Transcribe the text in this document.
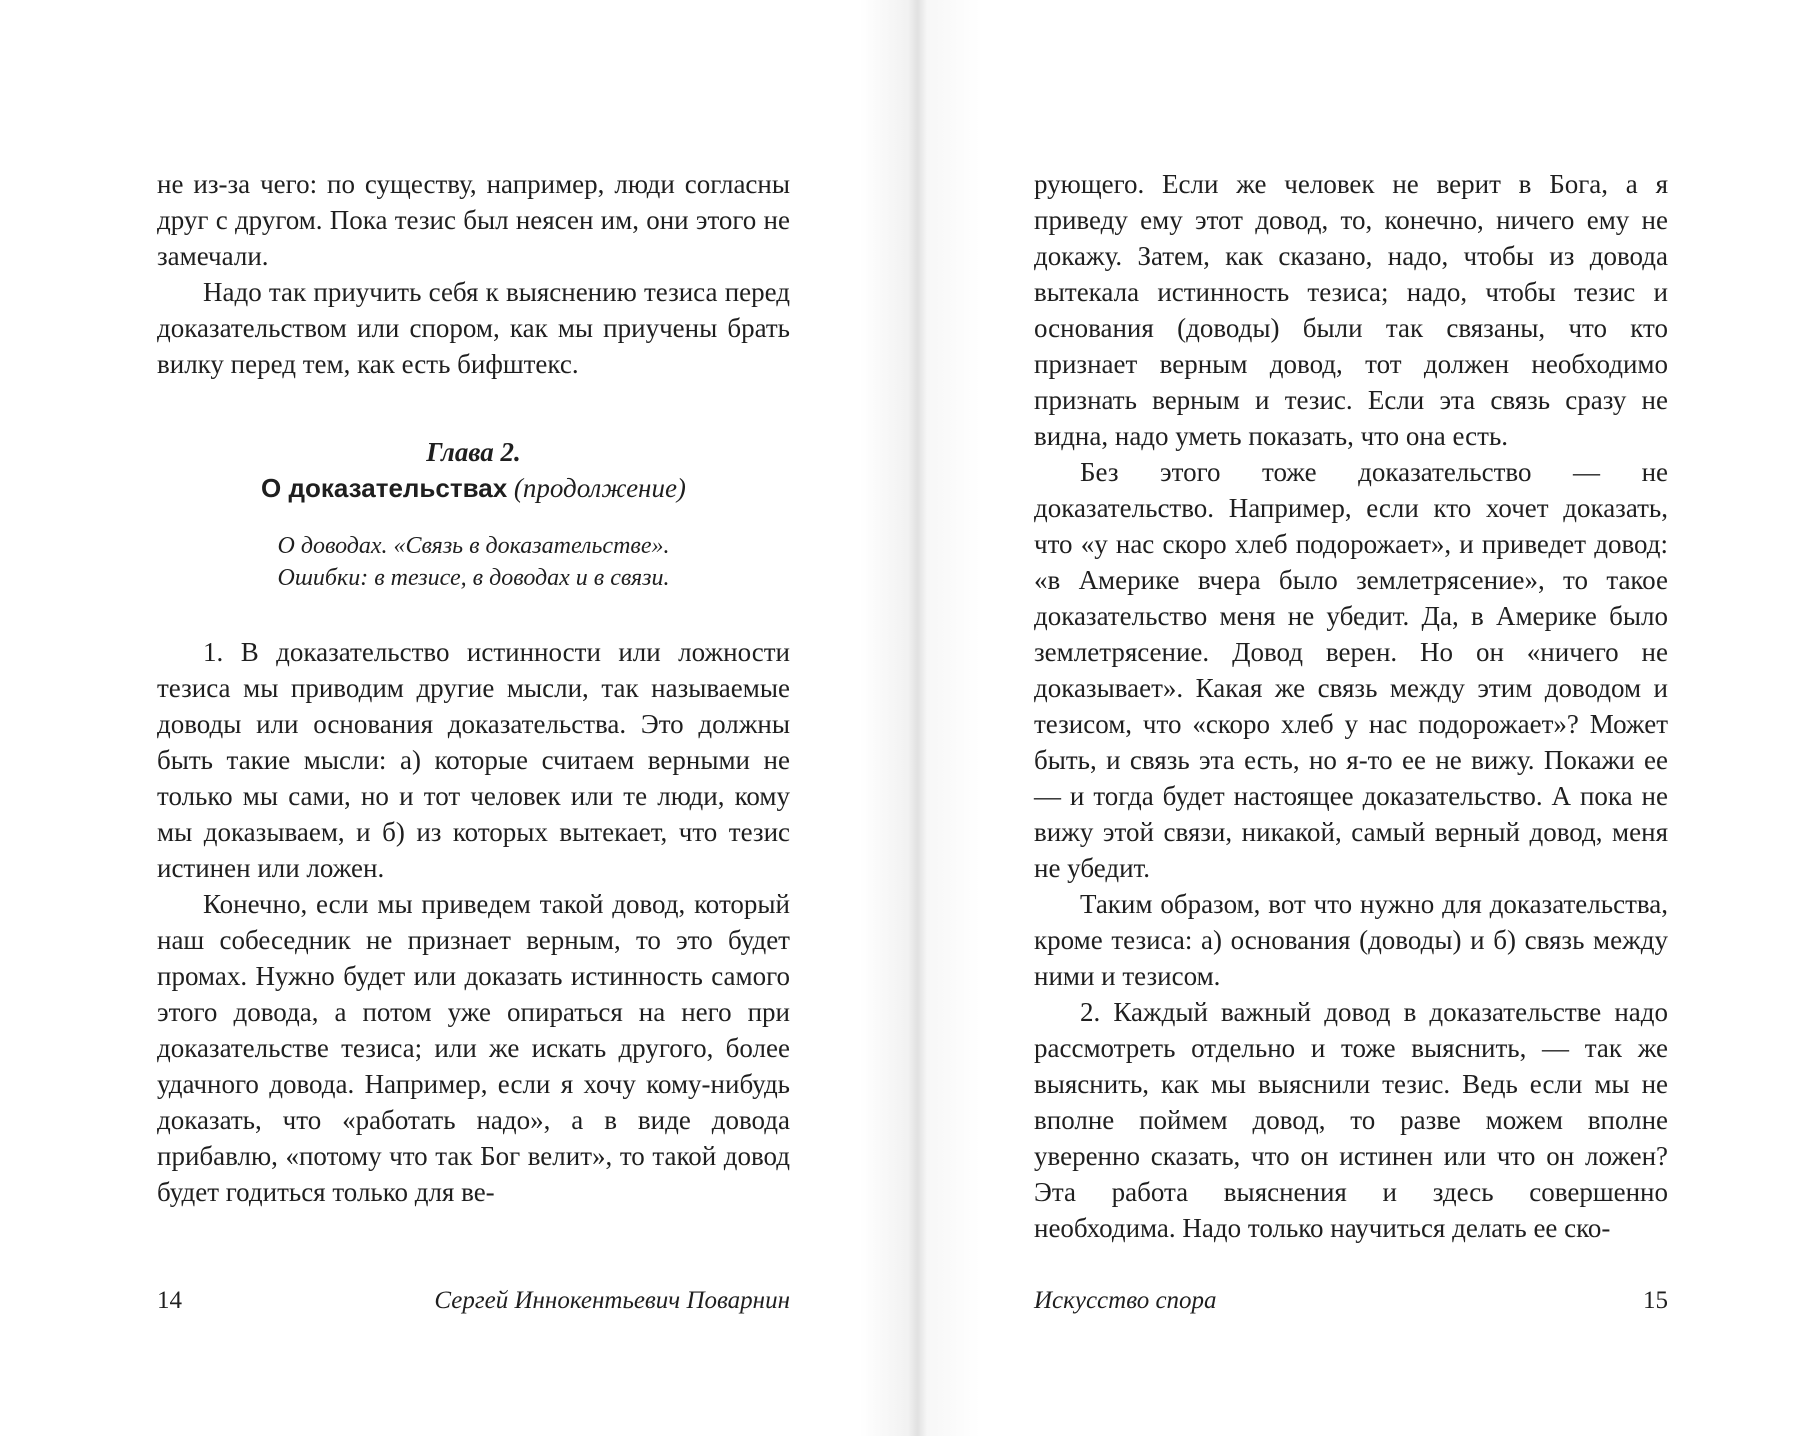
не из-за чего: по существу, например, люди согласны друг с другом. Пока тезис был неясен им, они этого не замечали.

Надо так приучить себя к выяснению тезиса перед доказательством или спором, как мы приучены брать вилку перед тем, как есть бифштекс.

Глава 2.
О доказательствах (продолжение)
О доводах. «Связь в доказательстве».
Ошибки: в тезисе, в доводах и в связи.

1. В доказательство истинности или ложности тезиса мы приводим другие мысли, так называемые доводы или основания доказательства. Это должны быть такие мысли: а) которые считаем верными не только мы сами, но и тот человек или те люди, кому мы доказываем, и б) из которых вытекает, что тезис истинен или ложен.

Конечно, если мы приведем такой довод, который наш собеседник не признает верным, то это будет промах. Нужно будет или доказать истинность самого этого довода, а потом уже опираться на него при доказательстве тезиса; или же искать другого, более удачного довода. Например, если я хочу кому-нибудь доказать, что «работать надо», а в виде довода прибавлю, «потому что так Бог велит», то такой довод будет годиться только для ве-

14	Сергей Иннокентьевич Поварнин

рующего. Если же человек не верит в Бога, а я приведу ему этот довод, то, конечно, ничего ему не докажу. Затем, как сказано, надо, чтобы из довода вытекала истинность тезиса; надо, чтобы тезис и основания (доводы) были так связаны, что кто признает верным довод, тот должен необходимо признать верным и тезис. Если эта связь сразу не видна, надо уметь показать, что она есть.

Без этого тоже доказательство — не доказательство. Например, если кто хочет доказать, что «у нас скоро хлеб подорожает», и приведет довод: «в Америке вчера было землетрясение», то такое доказательство меня не убедит. Да, в Америке было землетрясение. Довод верен. Но он «ничего не доказывает». Какая же связь между этим доводом и тезисом, что «скоро хлеб у нас подорожает»? Может быть, и связь эта есть, но я-то ее не вижу. Покажи ее — и тогда будет настоящее доказательство. А пока не вижу этой связи, никакой, самый верный довод, меня не убедит.

Таким образом, вот что нужно для доказательства, кроме тезиса: а) основания (доводы) и б) связь между ними и тезисом.

2. Каждый важный довод в доказательстве надо рассмотреть отдельно и тоже выяснить, — так же выяснить, как мы выяснили тезис. Ведь если мы не вполне поймем довод, то разве можем вполне уверенно сказать, что он истинен или что он ложен? Эта работа выяснения и здесь совершенно необходима. Надо только научиться делать ее ско-

Искусство спора	15
